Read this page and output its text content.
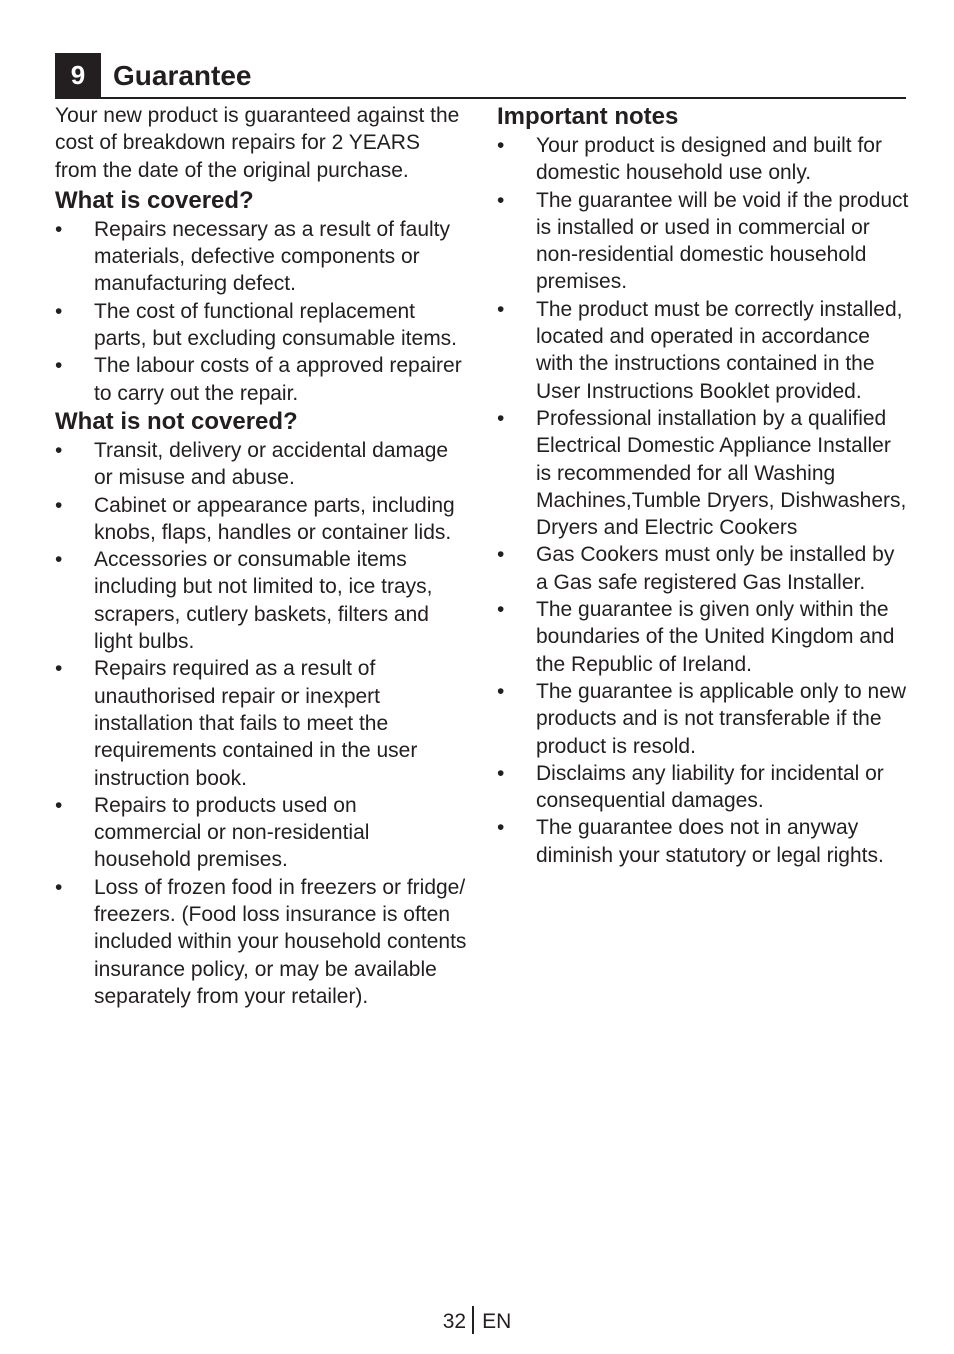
9 Guarantee

Your new product is guaranteed against the cost of breakdown repairs for 2 YEARS from the date of the original purchase.

What is covered?
• Repairs necessary as a result of faulty materials, defective components or manufacturing defect.
• The cost of functional replacement parts, but excluding consumable items.
• The labour costs of a approved repairer to carry out the repair.
What is not covered?
• Transit, delivery or accidental damage or misuse and abuse.
• Cabinet or appearance parts, including knobs, flaps, handles or container lids.
• Accessories or consumable items including but not limited to, ice trays, scrapers, cutlery baskets, filters and light bulbs.
• Repairs required as a result of unauthorised repair or inexpert installation that fails to meet the requirements contained in the user instruction book.
• Repairs to products used on commercial or non-residential household premises.
• Loss of frozen food in freezers or fridge/ freezers. (Food loss insurance is often included within your household contents insurance policy, or may be available separately from your retailer).
Important notes
• Your product is designed and built for domestic household use only.
• The guarantee will be void if the product is installed or used in commercial or non-residential domestic household premises.
• The product must be correctly installed, located and operated in accordance with the instructions contained in the User Instructions Booklet provided.
• Professional installation by a qualified Electrical Domestic Appliance Installer is recommended for all Washing Machines,Tumble Dryers, Dishwashers, Dryers and Electric Cookers
• Gas Cookers must only be installed by a Gas safe registered Gas Installer.
• The guarantee is given only within the boundaries of the United Kingdom and the Republic of Ireland.
• The guarantee is applicable only to new products and is not transferable if the product is resold.
• Disclaims any liability for incidental or consequential damages.
• The guarantee does not in anyway diminish your statutory or legal rights.
32 EN
